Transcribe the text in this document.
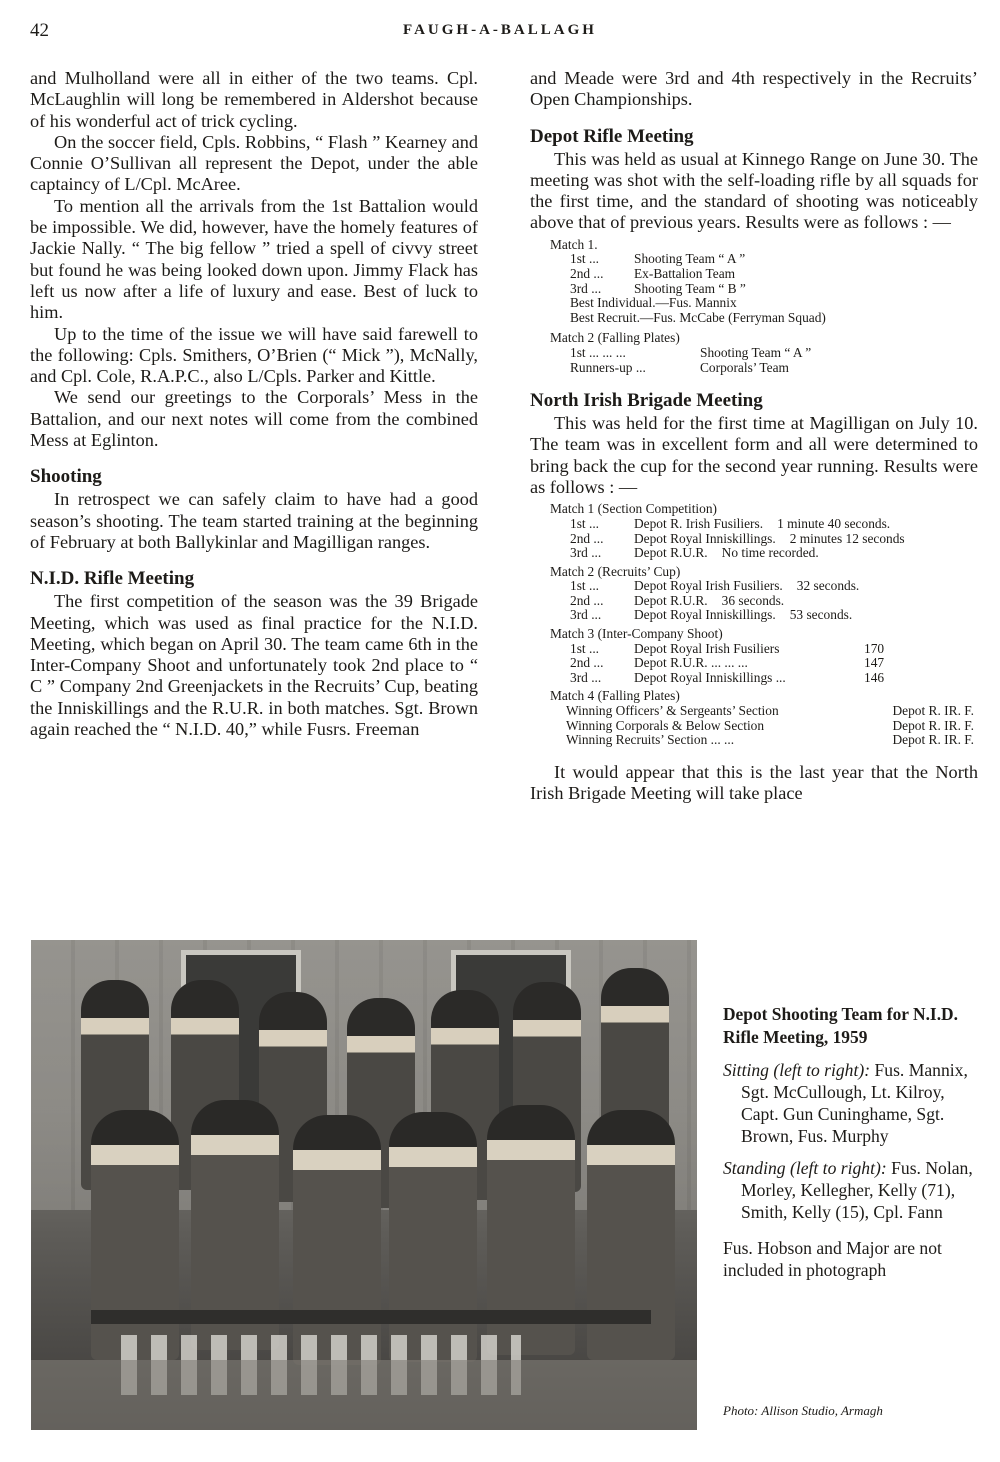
42	FAUGH-A-BALLAGH

and Mulholland were all in either of the two teams. Cpl. McLaughlin will long be remembered in Aldershot because of his wonderful act of trick cycling.

On the soccer field, Cpls. Robbins, “ Flash ” Kearney and Connie O’Sullivan all represent the Depot, under the able captaincy of L/Cpl. McAree.

To mention all the arrivals from the 1st Battalion would be impossible. We did, however, have the homely features of Jackie Nally. “ The big fellow ” tried a spell of civvy street but found he was being looked down upon. Jimmy Flack has left us now after a life of luxury and ease. Best of luck to him.

Up to the time of the issue we will have said farewell to the following: Cpls. Smithers, O’Brien (“ Mick ”), McNally, and Cpl. Cole, R.A.P.C., also L/Cpls. Parker and Kittle.

We send our greetings to the Corporals’ Mess in the Battalion, and our next notes will come from the combined Mess at Eglinton.

Shooting

In retrospect we can safely claim to have had a good season’s shooting. The team started training at the beginning of February at both Ballykinlar and Magilligan ranges.

N.I.D. Rifle Meeting

The first competition of the season was the 39 Brigade Meeting, which was used as final practice for the N.I.D. Meeting, which began on April 30. The team came 6th in the Inter-Company Shoot and unfortunately took 2nd place to “ C ” Company 2nd Greenjackets in the Recruits’ Cup, beating the Inniskillings and the R.U.R. in both matches. Sgt. Brown again reached the “ N.I.D. 40,” while Fusrs. Freeman

and Meade were 3rd and 4th respectively in the Recruits’ Open Championships.

Depot Rifle Meeting

This was held as usual at Kinnego Range on June 30. The meeting was shot with the self-loading rifle by all squads for the first time, and the standard of shooting was noticeably above that of previous years. Results were as follows : —

Match 1.
1st ...	Shooting Team “ A ”
2nd ...	Ex-Battalion Team
3rd ...	Shooting Team “ B ”
Best Individual.—Fus. Mannix
Best Recruit.—Fus. McCabe (Ferryman Squad)
Match 2 (Falling Plates)
1st ... ... ...	Shooting Team “ A ”
Runners-up ...	Corporals’ Team
North Irish Brigade Meeting

This was held for the first time at Magilligan on July 10. The team was in excellent form and all were determined to bring back the cup for the second year running. Results were as follows : —

Match 1 (Section Competition)
1st ...	Depot R. Irish Fusiliers. 1 minute 40 seconds.
2nd ...	Depot Royal Inniskillings. 2 minutes 12 seconds
3rd ...	Depot R.U.R. No time recorded.
Match 2 (Recruits’ Cup)
1st ...	Depot Royal Irish Fusiliers. 32 seconds.
2nd ...	Depot R.U.R. 36 seconds.
3rd ...	Depot Royal Inniskillings. 53 seconds.
Match 3 (Inter-Company Shoot)
1st ...	Depot Royal Irish Fusiliers	170
2nd ...	Depot R.U.R. ... ... ...	147
3rd ...	Depot Royal Inniskillings ...	146
Match 4 (Falling Plates)
Winning Officers’ & Sergeants’ Section	Depot R. IR. F.
Winning Corporals & Below Section	Depot R. IR. F.
Winning Recruits’ Section ... ...	Depot R. IR. F.

It would appear that this is the last year that the North Irish Brigade Meeting will take place

Depot Shooting Team for N.I.D. Rifle Meeting, 1959

Sitting (left to right): Fus. Mannix, Sgt. McCullough, Lt. Kilroy, Capt. Gun Cuninghame, Sgt. Brown, Fus. Murphy

Standing (left to right): Fus. Nolan, Morley, Kellegher, Kelly (71), Smith, Kelly (15), Cpl. Fann

Fus. Hobson and Major are not included in photograph

Photo: Allison Studio, Armagh
